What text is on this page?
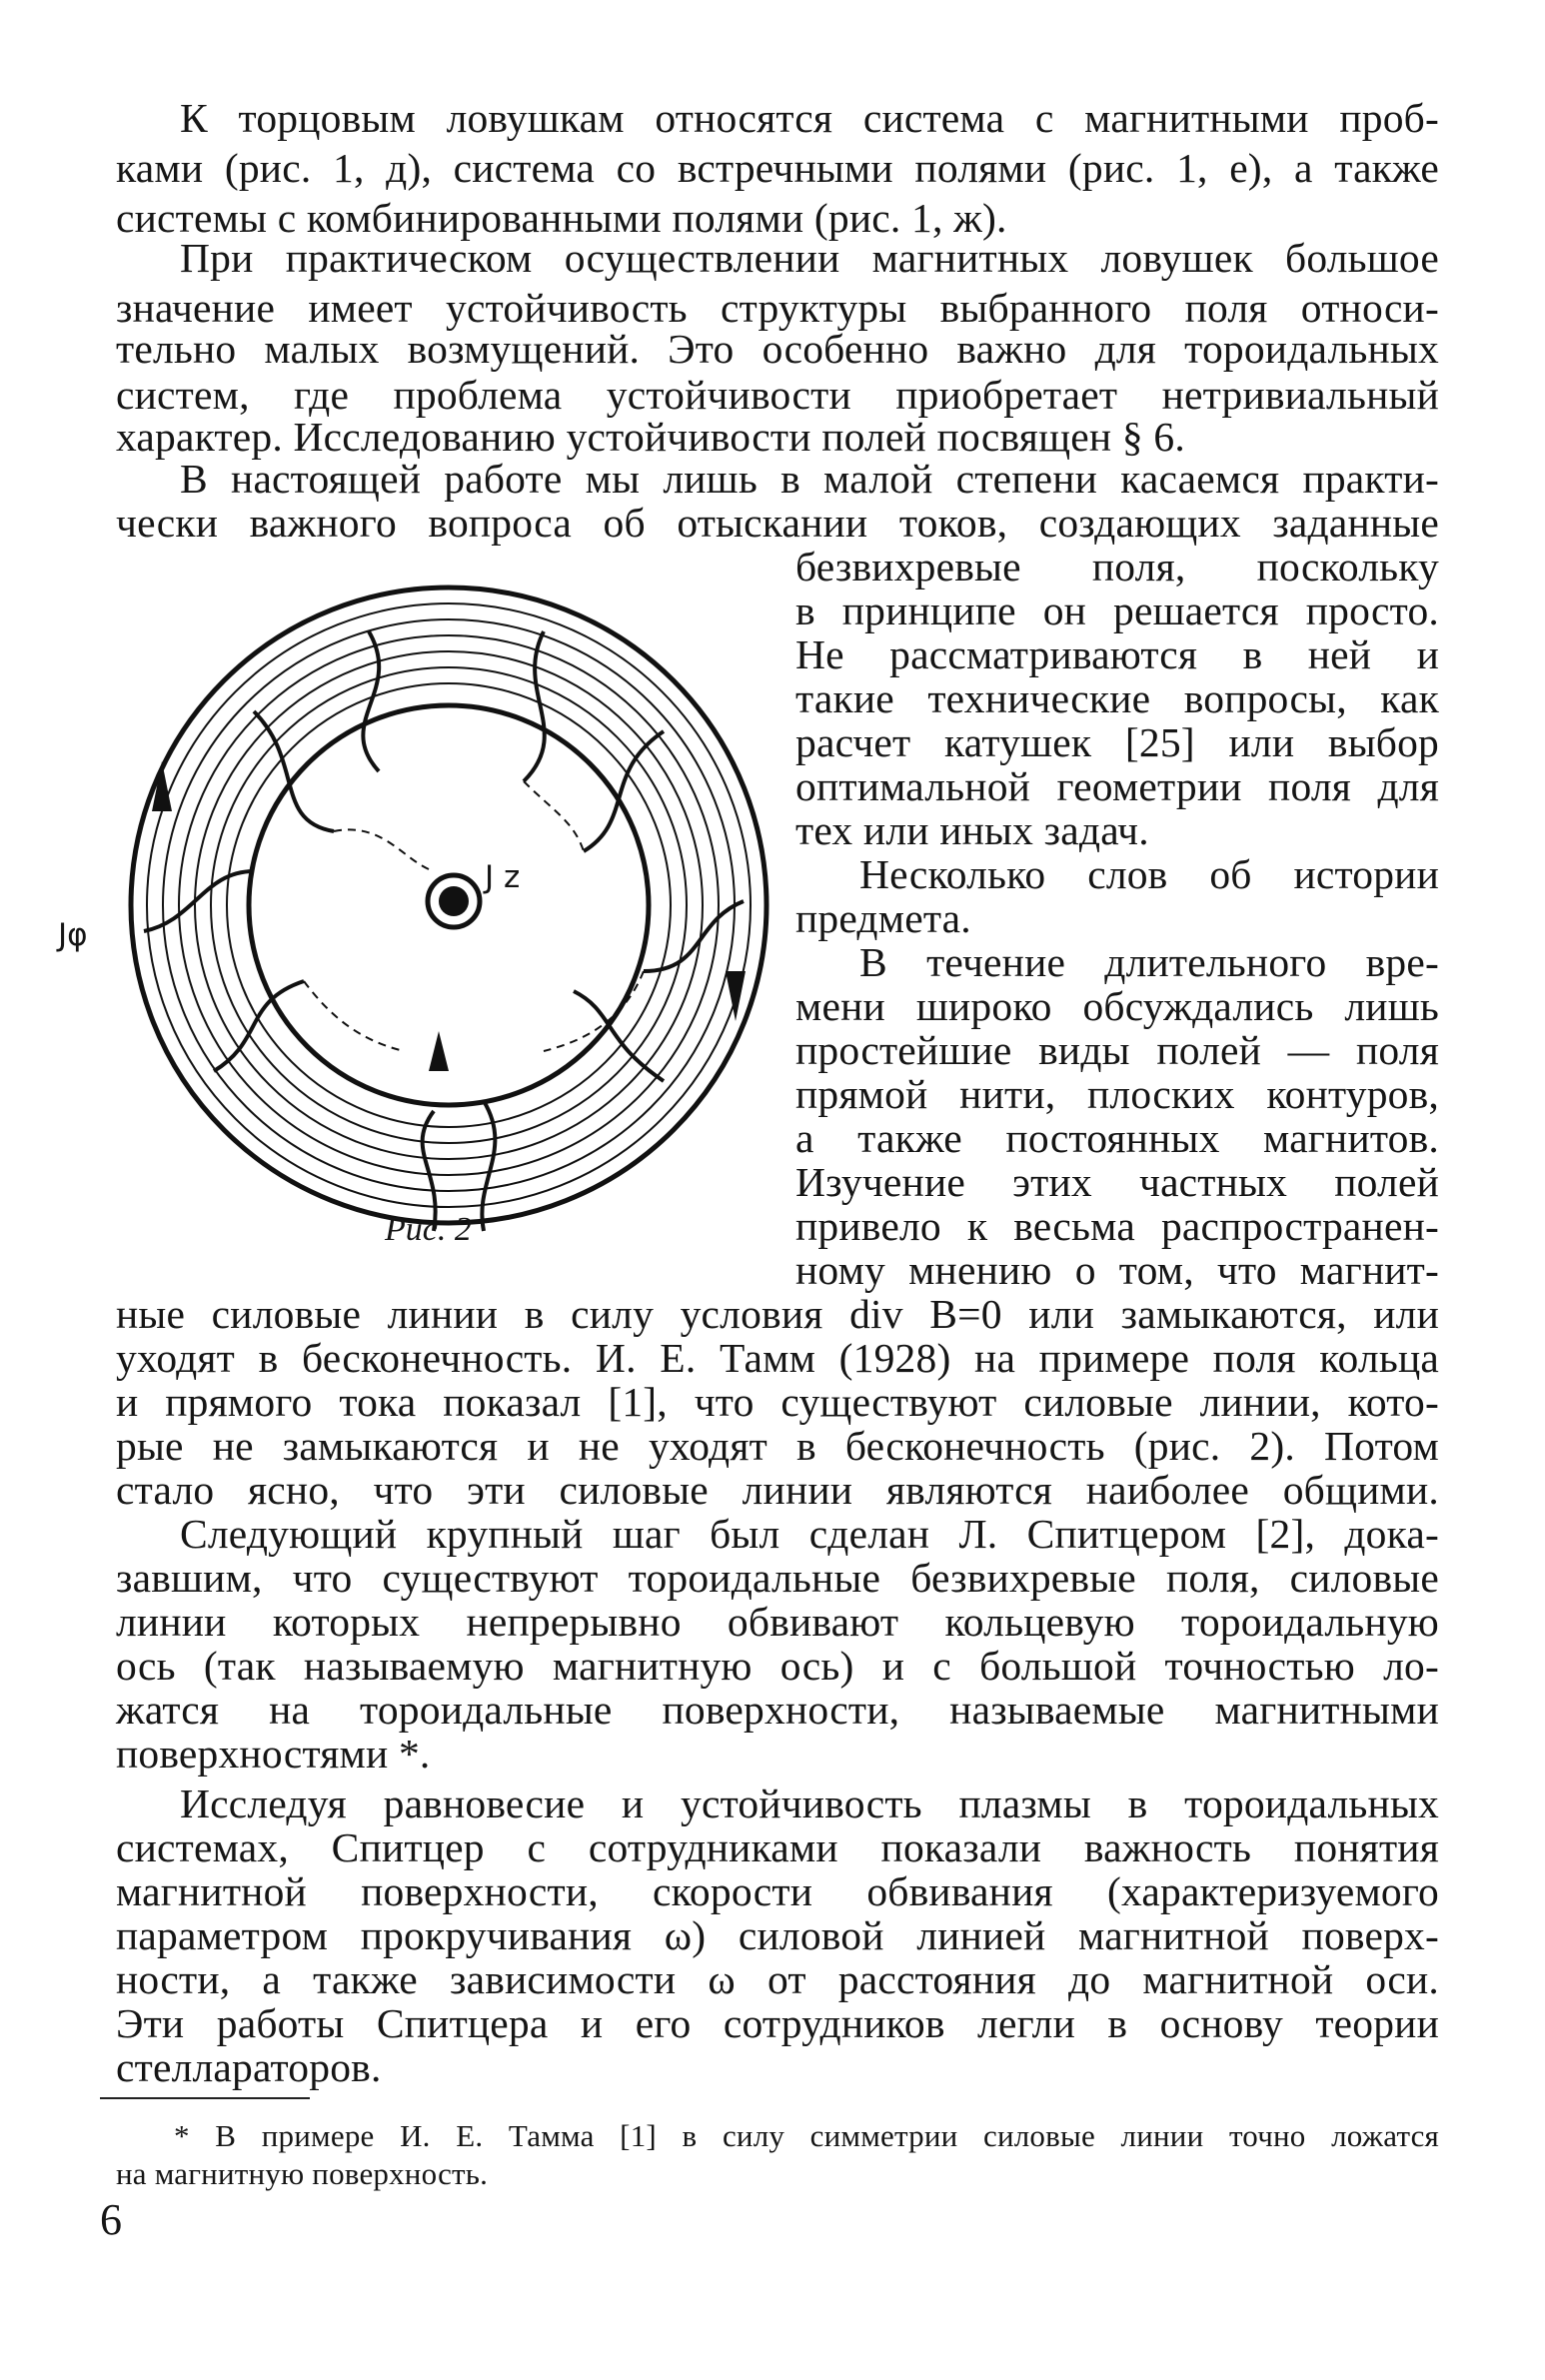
К торцовым ловушкам относятся система с магнитными проб-
ками (рис. 1, д), система со встречными полями (рис. 1, е), а также
системы с комбинированными полями (рис. 1, ж).
При практическом осуществлении магнитных ловушек большое
значение имеет устойчивость структуры выбранного поля относи-
тельно малых возмущений. Это особенно важно для тороидальных
систем, где проблема устойчивости приобретает нетривиальный
характер. Исследованию устойчивости полей посвящен § 6.
В настоящей работе мы лишь в малой степени касаемся практи-
чески важного вопроса об отыскании токов, создающих заданные
безвихревые поля, поскольку
в принципе он решается просто.
Не рассматриваются в ней и
такие технические вопросы, как
расчет катушек [25] или выбор
оптимальной геометрии поля для
тех или иных задач.
Несколько слов об истории
предмета.
В течение длительного вре-
мени широко обсуждались лишь
простейшие виды полей — поля
прямой нити, плоских контуров,
а также постоянных магнитов.
Изучение этих частных полей
привело к весьма распространен-
ному мнению о том, что магнит-
ные силовые линии в силу условия div B=0 или замыкаются, или
уходят в бесконечность. И. Е. Тамм (1928) на примере поля кольца
и прямого тока показал [1], что существуют силовые линии, кото-
рые не замыкаются и не уходят в бесконечность (рис. 2). Потом
стало ясно, что эти силовые линии являются наиболее общими.
Следующий крупный шаг был сделан Л. Спитцером [2], дока-
завшим, что существуют тороидальные безвихревые поля, силовые
линии которых непрерывно обвивают кольцевую тороидальную
ось (так называемую магнитную ось) и с большой точностью ло-
жатся на тороидальные поверхности, называемые магнитными
поверхностями *.
Исследуя равновесие и устойчивость плазмы в тороидальных
системах, Спитцер с сотрудниками показали важность понятия
магнитной поверхности, скорости обвивания (характеризуемого
параметром прокручивания ω) силовой линией магнитной поверх-
ности, а также зависимости ω от расстояния до магнитной оси.
Эти работы Спитцера и его сотрудников легли в основу теории
стеллараторов.
* В примере И. Е. Тамма [1] в силу симметрии силовые линии точно ложатся
на магнитную поверхность.
6
Jφ
J z
Рис. 2
